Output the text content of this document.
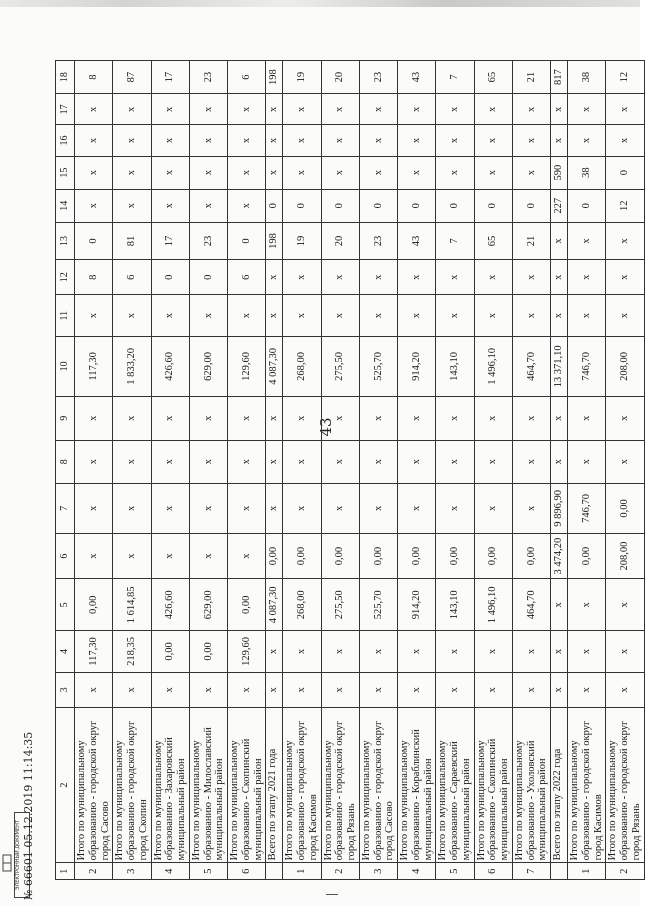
43
1	2	3	4	5	6	7	8	9	10	11	12	13	14	15	16	17	18
2	Итого по муниципальному образованию - городской округ город Сасово	х	117,30	0,00	х	х	х	х	117,30	х	8	0	х	х	х	х	8
3	Итого по муниципальному образованию - городской округ город Скопин	х	218,35	1 614,85	х	х	х	х	1 833,20	х	6	81	х	х	х	х	87
4	Итого по муниципальному образованию - Захаровский муниципальный район	х	0,00	426,60	х	х	х	х	426,60	х	0	17	х	х	х	х	17
5	Итого по муниципальному образованию - Милославский муниципальный район	х	0,00	629,00	х	х	х	х	629,00	х	0	23	х	х	х	х	23
6	Итого по муниципальному образованию - Скопинский муниципальный район	х	129,60	0,00	х	х	х	х	129,60	х	6	0	х	х	х	х	6
	Всего по этапу 2021 года	х	х	4 087,30	0,00	х	х	х	4 087,30	х	х	198	0	х	х	х	198
1	Итого по муниципальному образованию - городской округ город Касимов	х	х	268,00	0,00	х	х	х	268,00	х	х	19	0	х	х	х	19
2	Итого по муниципальному образованию - городской округ город Рязань	х	х	275,50	0,00	х	х	х	275,50	х	х	20	0	х	х	х	20
3	Итого по муниципальному образованию - городской округ город Сасово	х	х	525,70	0,00	х	х	х	525,70	х	х	23	0	х	х	х	23
4	Итого по муниципальному образованию - Кораблинский муниципальный район	х	х	914,20	0,00	х	х	х	914,20	х	х	43	0	х	х	х	43
5	Итого по муниципальному образованию - Сараевский муниципальный район	х	х	143,10	0,00	х	х	х	143,10	х	х	7	0	х	х	х	7
6	Итого по муниципальному образованию - Скопинский муниципальный район	х	х	1 496,10	0,00	х	х	х	1 496,10	х	х	65	0	х	х	х	65
7	Итого по муниципальному образованию - Ухоловский муниципальный район	х	х	464,70	0,00	х	х	х	464,70	х	х	21	0	х	х	х	21
	Всего по этапу 2022 года	х	х	х	3 474,20	9 896,90	х	х	13 371,10	х	х	х	227	590	х	х	817
1	Итого по муниципальному образованию - городской округ город Касимов	х	х	х	0,00	746,70	х	х	746,70	х	х	х	0	38	х	х	38
2	Итого по муниципальному образованию - городской округ город Рязань	х	х	х	208,00	0,00	х	х	208,00	х	х	х	12	0	х	х	12
ЭЛЕКТРОННЫЙ ДОКУМЕНТ № 66601 05.12.2019 11:14:35
